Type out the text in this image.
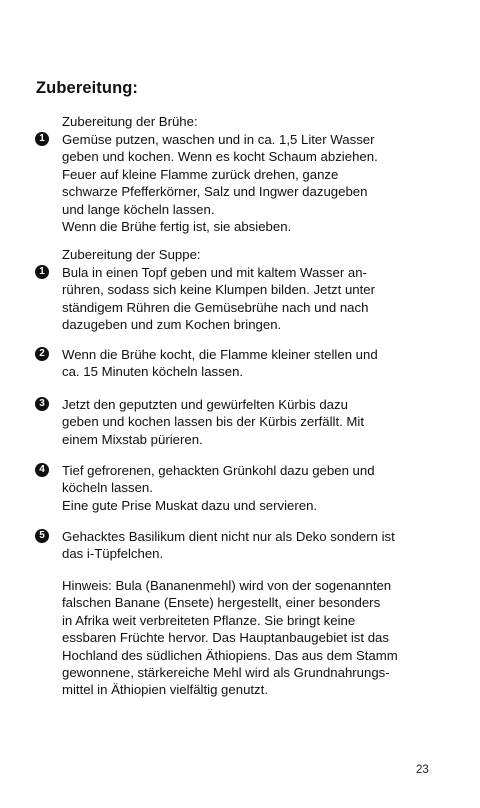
Zubereitung:
Zubereitung der Brühe:
1	Gemüse putzen, waschen und in ca. 1,5 Liter Wasser
geben und kochen. Wenn es kocht Schaum abziehen.
Feuer auf kleine Flamme zurück drehen, ganze
schwarze Pfefferkörner, Salz und Ingwer dazugeben
und lange köcheln lassen.
Wenn die Brühe fertig ist, sie absieben.
Zubereitung der Suppe:
1	Bula in einen Topf geben und mit kaltem Wasser an-
rühren, sodass sich keine Klumpen bilden. Jetzt unter
ständigem Rühren die Gemüsebrühe nach und nach
dazugeben und zum Kochen bringen.
2	Wenn die Brühe kocht, die Flamme kleiner stellen und
ca. 15 Minuten köcheln lassen.
3	Jetzt den geputzten und gewürfelten Kürbis dazu
geben und kochen lassen bis der Kürbis zerfällt. Mit
einem Mixstab pürieren.
4	Tief gefrorenen, gehackten Grünkohl dazu geben und
köcheln lassen.
Eine gute Prise Muskat dazu und servieren.
5	Gehacktes Basilikum dient nicht nur als Deko sondern ist
das i-Tüpfelchen.
Hinweis: Bula (Bananenmehl) wird von der sogenannten
falschen Banane (Ensete) hergestellt, einer besonders
in Afrika weit verbreiteten Pflanze. Sie bringt keine
essbaren Früchte hervor. Das Hauptanbaugebiet ist das
Hochland des südlichen Äthiopiens. Das aus dem Stamm
gewonnene, stärkereiche Mehl wird als Grundnahrungs-
mittel in Äthiopien vielfältig genutzt.
23
